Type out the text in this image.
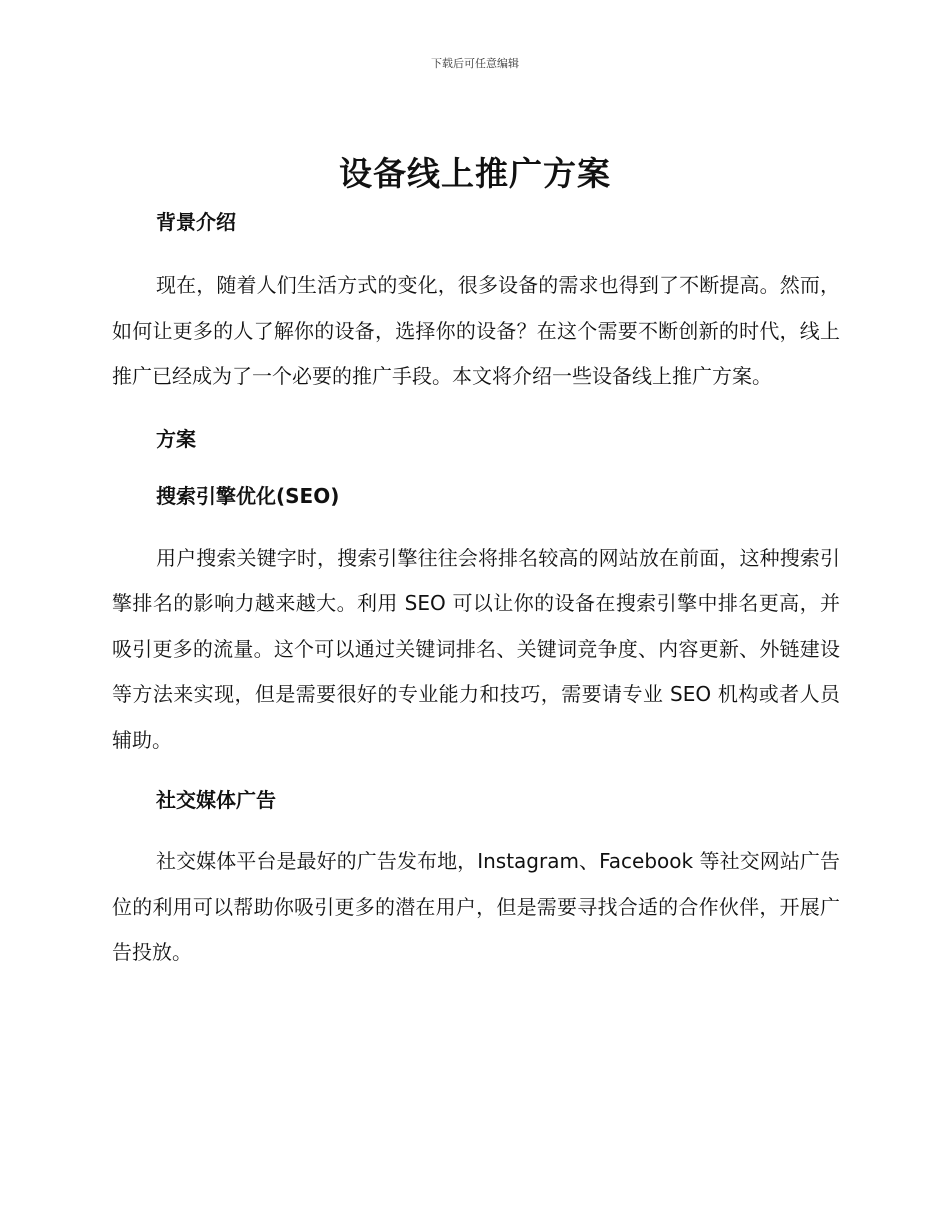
下载后可任意编辑
设备线上推广方案
背景介绍

现在，随着人们生活方式的变化，很多设备的需求也得到了不断提高。然而，如何让更多的人了解你的设备，选择你的设备？在这个需要不断创新的时代，线上推广已经成为了一个必要的推广手段。本文将介绍一些设备线上推广方案。

方案
搜索引擎优化(SEO)

用户搜索关键字时，搜索引擎往往会将排名较高的网站放在前面，这种搜索引擎排名的影响力越来越大。利用 SEO 可以让你的设备在搜索引擎中排名更高，并吸引更多的流量。这个可以通过关键词排名、关键词竞争度、内容更新、外链建设等方法来实现，但是需要很好的专业能力和技巧，需要请专业 SEO 机构或者人员辅助。

社交媒体广告

社交媒体平台是最好的广告发布地，Instagram、Facebook 等社交网站广告位的利用可以帮助你吸引更多的潜在用户，但是需要寻找合适的合作伙伴，开展广告投放。
